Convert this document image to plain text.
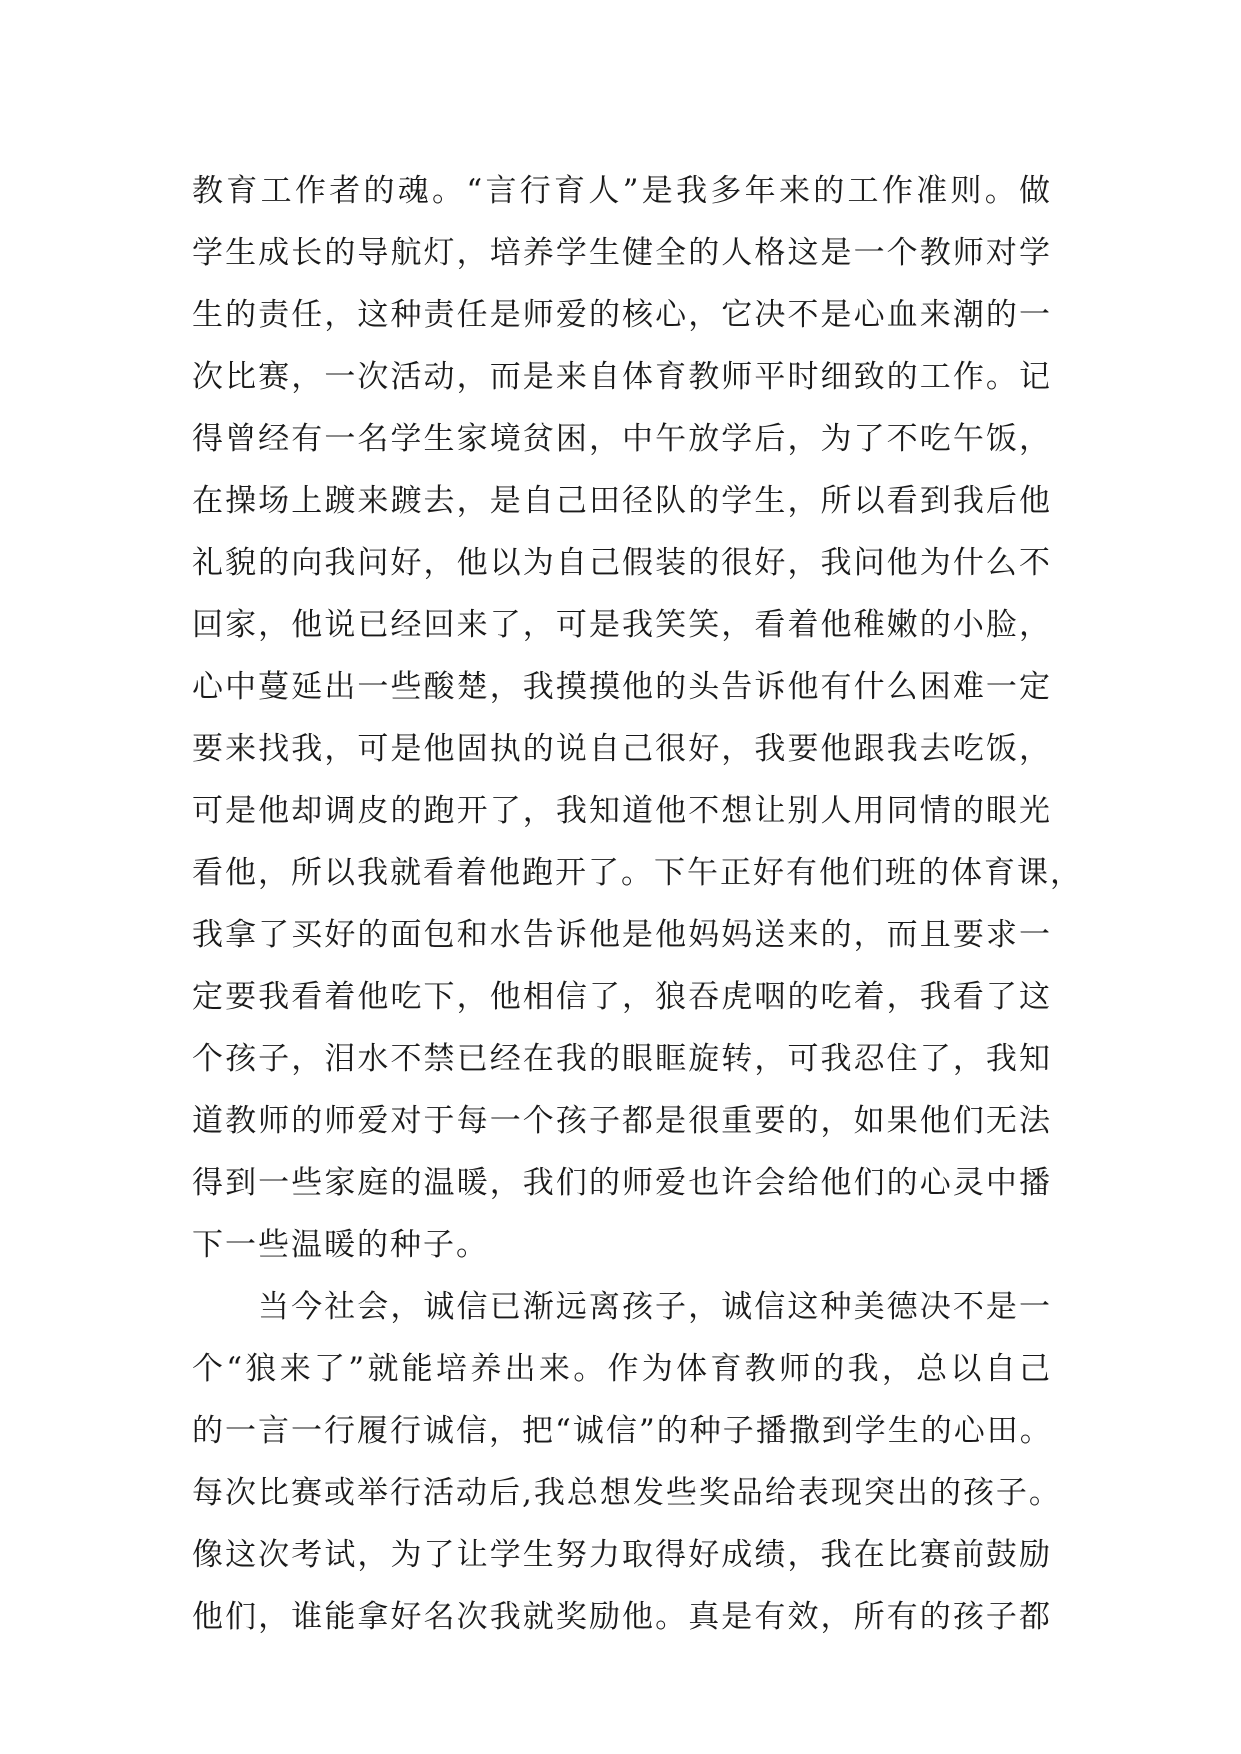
教育工作者的魂。“言行育人”是我多年来的工作准则。做
学生成长的导航灯，培养学生健全的人格这是一个教师对学
生的责任，这种责任是师爱的核心，它决不是心血来潮的一
次比赛，一次活动，而是来自体育教师平时细致的工作。记
得曾经有一名学生家境贫困，中午放学后，为了不吃午饭，
在操场上踱来踱去，是自己田径队的学生，所以看到我后他
礼貌的向我问好，他以为自己假装的很好，我问他为什么不
回家，他说已经回来了，可是我笑笑，看着他稚嫩的小脸，
心中蔓延出一些酸楚，我摸摸他的头告诉他有什么困难一定
要来找我，可是他固执的说自己很好，我要他跟我去吃饭，
可是他却调皮的跑开了，我知道他不想让别人用同情的眼光
看他，所以我就看着他跑开了。下午正好有他们班的体育课，
我拿了买好的面包和水告诉他是他妈妈送来的，而且要求一
定要我看着他吃下，他相信了，狼吞虎咽的吃着，我看了这
个孩子，泪水不禁已经在我的眼眶旋转，可我忍住了，我知
道教师的师爱对于每一个孩子都是很重要的，如果他们无法
得到一些家庭的温暖，我们的师爱也许会给他们的心灵中播
下一些温暖的种子。
当今社会，诚信已渐远离孩子，诚信这种美德决不是一
个“狼来了”就能培养出来。作为体育教师的我，总以自己
的一言一行履行诚信，把“诚信”的种子播撒到学生的心田。
每次比赛或举行活动后,我总想发些奖品给表现突出的孩子。
像这次考试，为了让学生努力取得好成绩，我在比赛前鼓励
他们，谁能拿好名次我就奖励他。真是有效，所有的孩子都
